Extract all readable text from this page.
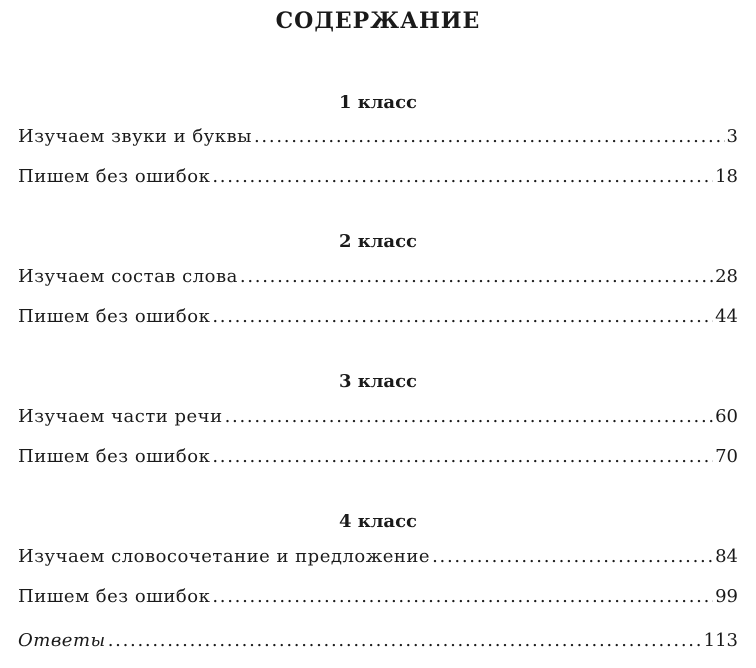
СОДЕРЖАНИЕ
1 класс
Изучаем звуки и буквы . . .	3
Пишем без ошибок . . .	18
2 класс
Изучаем состав слова . . .	28
Пишем без ошибок . . .	44
3 класс
Изучаем части речи . . .	60
Пишем без ошибок . . .	70
4 класс
Изучаем словосочетание и предложение . . .	84
Пишем без ошибок . . .	99
Ответы . . .	113
